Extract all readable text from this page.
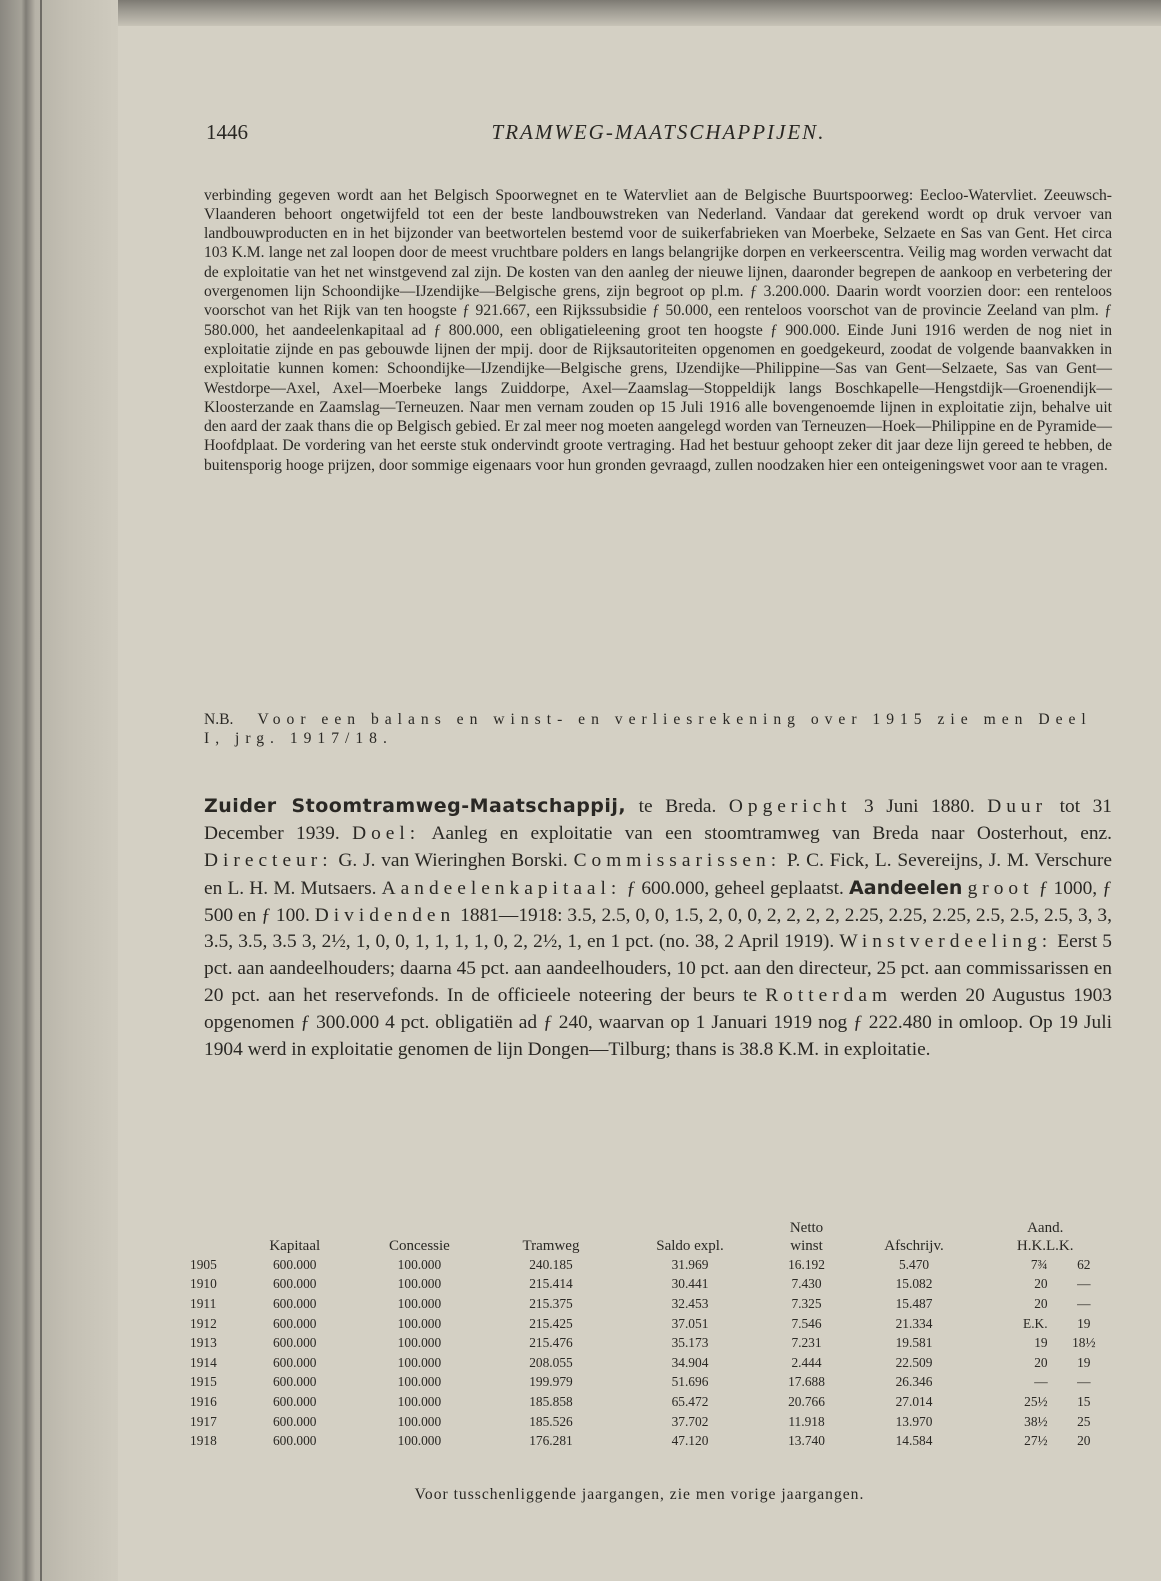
1446	TRAMWEG-MAATSCHAPPIJEN.

verbinding gegeven wordt aan het Belgisch Spoorwegnet en te Watervliet aan de Belgische Buurtspoorweg: Eecloo-Watervliet. Zeeuwsch-Vlaanderen behoort ongetwijfeld tot een der beste landbouwstreken van Nederland. Vandaar dat gerekend wordt op druk vervoer van landbouwproducten en in het bijzonder van beetwortelen bestemd voor de suikerfabrieken van Moerbeke, Selzaete en Sas van Gent. Het circa 103 K.M. lange net zal loopen door de meest vruchtbare polders en langs belangrijke dorpen en verkeerscentra. Veilig mag worden verwacht dat de exploitatie van het net winstgevend zal zijn. De kosten van den aanleg der nieuwe lijnen, daaronder begrepen de aankoop en verbetering der overgenomen lijn Schoondijke—IJzendijke—Belgische grens, zijn begroot op pl.m. ƒ 3.200.000. Daarin wordt voorzien door: een renteloos voorschot van het Rijk van ten hoogste ƒ 921.667, een Rijkssubsidie ƒ 50.000, een renteloos voorschot van de provincie Zeeland van plm. ƒ 580.000, het aandeelenkapitaal ad ƒ 800.000, een obligatieleening groot ten hoogste ƒ 900.000. Einde Juni 1916 werden de nog niet in exploitatie zijnde en pas gebouwde lijnen der mpij. door de Rijksautoriteiten opgenomen en goedgekeurd, zoodat de volgende baanvakken in exploitatie kunnen komen: Schoondijke—IJzendijke—Belgische grens, IJzendijke—Philippine—Sas van Gent—Selzaete, Sas van Gent—Westdorpe—Axel, Axel—Moerbeke langs Zuiddorpe, Axel—Zaamslag—Stoppeldijk langs Boschkapelle—Hengstdijk—Groenendijk—Kloosterzande en Zaamslag—Terneuzen. Naar men vernam zouden op 15 Juli 1916 alle bovengenoemde lijnen in exploitatie zijn, behalve uit den aard der zaak thans die op Belgisch gebied. Er zal meer nog moeten aangelegd worden van Terneuzen—Hoek—Philippine en de Pyramide—Hoofdplaat. De vordering van het eerste stuk ondervindt groote vertraging. Had het bestuur gehoopt zeker dit jaar deze lijn gereed te hebben, de buitensporig hooge prijzen, door sommige eigenaars voor hun gronden gevraagd, zullen noodzaken hier een onteigeningswet voor aan te vragen.

N.B. Voor een balans en winst- en verliesrekening over 1915 zie men Deel I, jrg. 1917/18.

Zuider Stoomtramweg-Maatschappij, te Breda. Opgericht 3 Juni 1880. Duur tot 31 December 1939. Doel: Aanleg en exploitatie van een stoomtramweg van Breda naar Oosterhout, enz. Directeur: G. J. van Wieringhen Borski. Commissarissen: P. C. Fick, L. Severeijns, J. M. Verschure en L. H. M. Mutsaers. Aandeelenkapitaal: ƒ 600.000, geheel geplaatst. Aandeelen groot ƒ 1000, ƒ 500 en ƒ 100. Dividenden 1881—1918: 3.5, 2.5, 0, 0, 1.5, 2, 0, 0, 2, 2, 2, 2, 2.25, 2.25, 2.25, 2.5, 2.5, 2.5, 3, 3, 3.5, 3.5, 3.5 3, 2½, 1, 0, 0, 1, 1, 1, 1, 0, 2, 2½, 1, en 1 pct. (no. 38, 2 April 1919). Winstverdeeling: Eerst 5 pct. aan aandeelhouders; daarna 45 pct. aan aandeelhouders, 10 pct. aan den directeur, 25 pct. aan commissarissen en 20 pct. aan het reservefonds. In de officieele noteering der beurs te Rotterdam werden 20 Augustus 1903 opgenomen ƒ 300.000 4 pct. obligatiën ad ƒ 240, waarvan op 1 Januari 1919 nog ƒ 222.480 in omloop. Op 19 Juli 1904 werd in exploitatie genomen de lijn Dongen—Tilburg; thans is 38.8 K.M. in exploitatie.

					Netto		Aand.	
	Kapitaal	Concessie	Tramweg	Saldo expl.	winst	Afschrijv.	H.K.L.K.	
1905	600.000	100.000	240.185	31.969	16.192	5.470	7¾	62
1910	600.000	100.000	215.414	30.441	7.430	15.082	20	—
1911	600.000	100.000	215.375	32.453	7.325	15.487	20	—
1912	600.000	100.000	215.425	37.051	7.546	21.334	E.K.	19
1913	600.000	100.000	215.476	35.173	7.231	19.581	19	18½
1914	600.000	100.000	208.055	34.904	2.444	22.509	20	19
1915	600.000	100.000	199.979	51.696	17.688	26.346	—	—
1916	600.000	100.000	185.858	65.472	20.766	27.014	25½	15
1917	600.000	100.000	185.526	37.702	11.918	13.970	38½	25
1918	600.000	100.000	176.281	47.120	13.740	14.584	27½	20
Voor tusschenliggende jaargangen, zie men vorige jaargangen.
